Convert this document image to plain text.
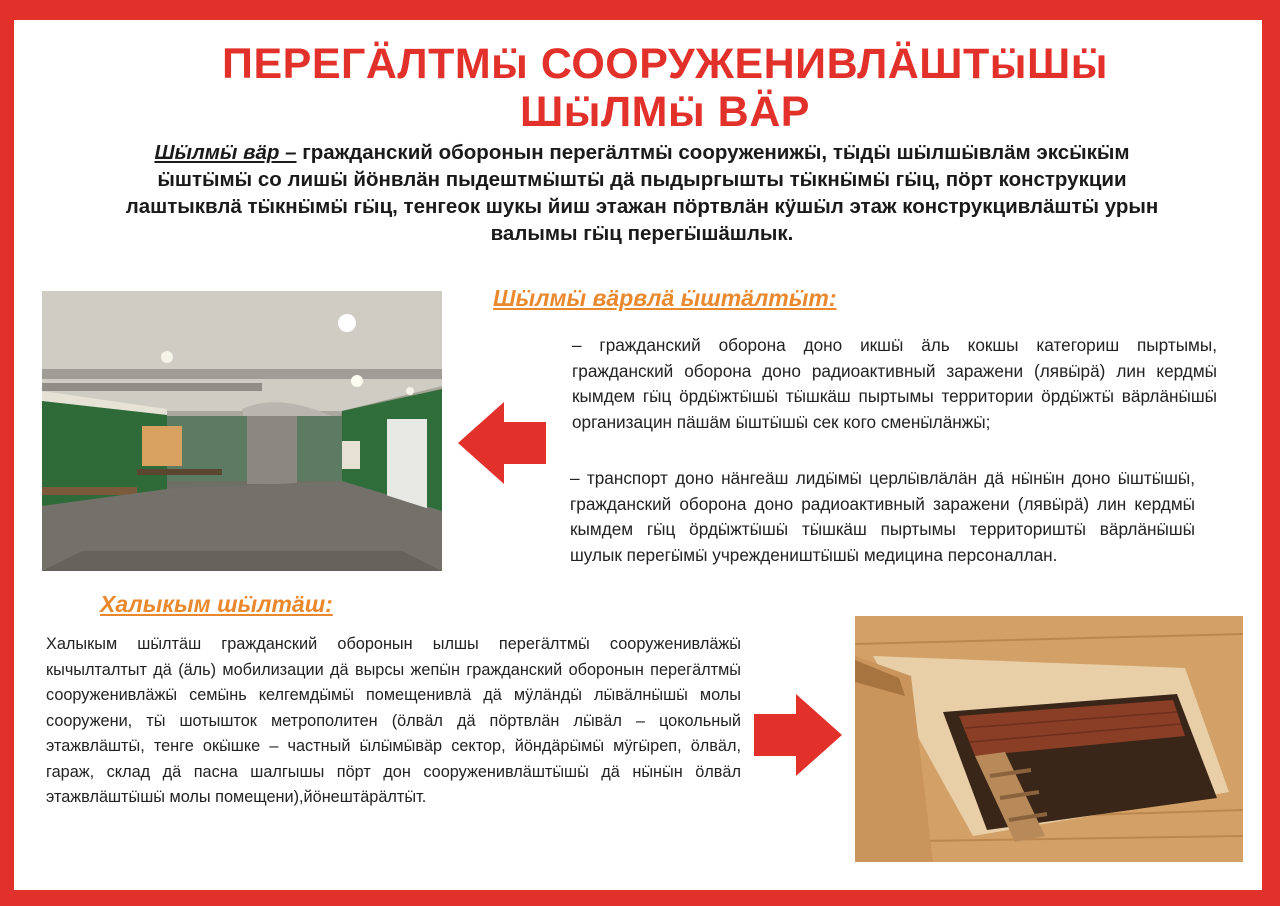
ПЕРЕГӒЛТМӹ СООРУЖЕНИВЛӒШТӹШӹ
ШӹЛМӹ ВӒР

Шӹлмӹ вӓр – гражданский оборонын перегӓлтмӹ сооруженижӹ, тӹдӹ шӹлшӹвлӓм эксӹкӹм ӹштӹмӹ со лишӹ йӧнвлӓн пыдештмӹштӹ дӓ пыдыргышты тӹкнӹмӹ гӹц, пӧрт конструкции лаштыквлӓ тӹкнӹмӹ гӹц, тенгеок шукы йиш этажан пӧртвлӓн кӱшӹл этаж конструкцивлӓштӹ урын валымы гӹц перегӹшӓшлык.

Шӹлмӹ вӓрвлӓ ӹштӓлтӹт:

– гражданский оборона доно икшӹ ӓль кокшы категориш пыртымы, гражданский оборона доно радиоактивный заражени (лявӹрӓ) лин кердмӹ кымдем гӹц ӧрдӹжтӹшӹ тӹшкӓш пыртымы территории ӧрдӹжтӹ вӓрлӓнӹшӹ организацин пӓшӓм ӹштӹшӹ сек кого сменӹлӓнжӹ;

– транспорт доно нӓнгеӓш лидӹмӹ церлӹвлӓлӓн дӓ нӹнӹн доно ӹштӹшӹ, гражданский оборона доно радиоактивный заражени (лявӹрӓ) лин кердмӹ кымдем гӹц ӧрдӹжтӹшӹ тӹшкӓш пыртымы территориштӹ вӓрлӓнӹшӹ шулык перегӹмӹ учреждеништӹшӹ медицина персоналлан.

Халыкым шӹлтӓш:

Халыкым шӹлтӓш гражданский оборонын ылшы перегӓлтмӹ сооруженивлӓжӹ кычылталтыт дӓ (ӓль) мобилизации дӓ вырсы жепӹн гражданский оборонын перегӓлтмӹ сооруженивлӓжӹ семӹнь келгемдӹмӹ помещенивлӓ дӓ мӱлӓндӹ лӹвӓлнӹшӹ молы сооружени, тӹ шотышток метрополитен (ӧлвӓл дӓ пӧртвлӓн лӹвӓл – цокольный этажвлӓштӹ, тенге окӹшке – частный ӹлӹмӹвӓр сектор, йӧндӓрӹмӹ мӱгӹреп, ӧлвӓл, гараж, склад дӓ пасна шалгышы пӧрт дон сооруженивлӓштӹшӹ дӓ нӹнӹн ӧлвӓл этажвлӓштӹшӹ молы помещени),йӧнештӓрӓлтӹт.
